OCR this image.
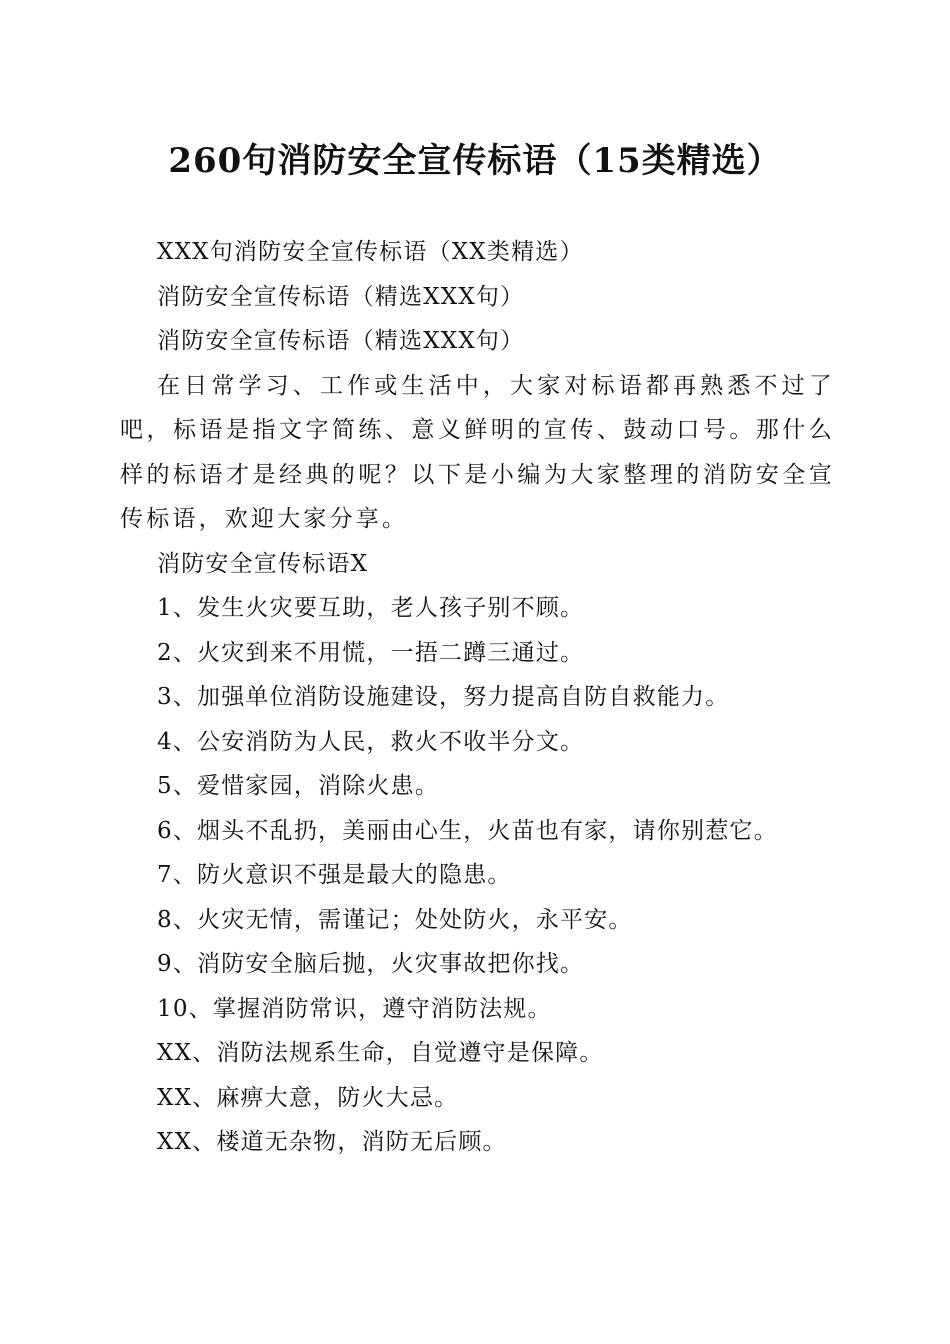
260句消防安全宣传标语（15类精选）

XXX句消防安全宣传标语（XX类精选）

消防安全宣传标语（精选XXX句）

消防安全宣传标语（精选XXX句）

在日常学习、工作或生活中，大家对标语都再熟悉不过了吧，标语是指文字简练、意义鲜明的宣传、鼓动口号。那什么样的标语才是经典的呢？以下是小编为大家整理的消防安全宣传标语，欢迎大家分享。

消防安全宣传标语X

1、发生火灾要互助，老人孩子别不顾。

2、火灾到来不用慌，一捂二蹲三通过。

3、加强单位消防设施建设，努力提高自防自救能力。

4、公安消防为人民，救火不收半分文。

5、爱惜家园，消除火患。

6、烟头不乱扔，美丽由心生，火苗也有家，请你别惹它。

7、防火意识不强是最大的隐患。

8、火灾无情，需谨记；处处防火，永平安。

9、消防安全脑后抛，火灾事故把你找。

10、掌握消防常识，遵守消防法规。

XX、消防法规系生命，自觉遵守是保障。

XX、麻痹大意，防火大忌。

XX、楼道无杂物，消防无后顾。
